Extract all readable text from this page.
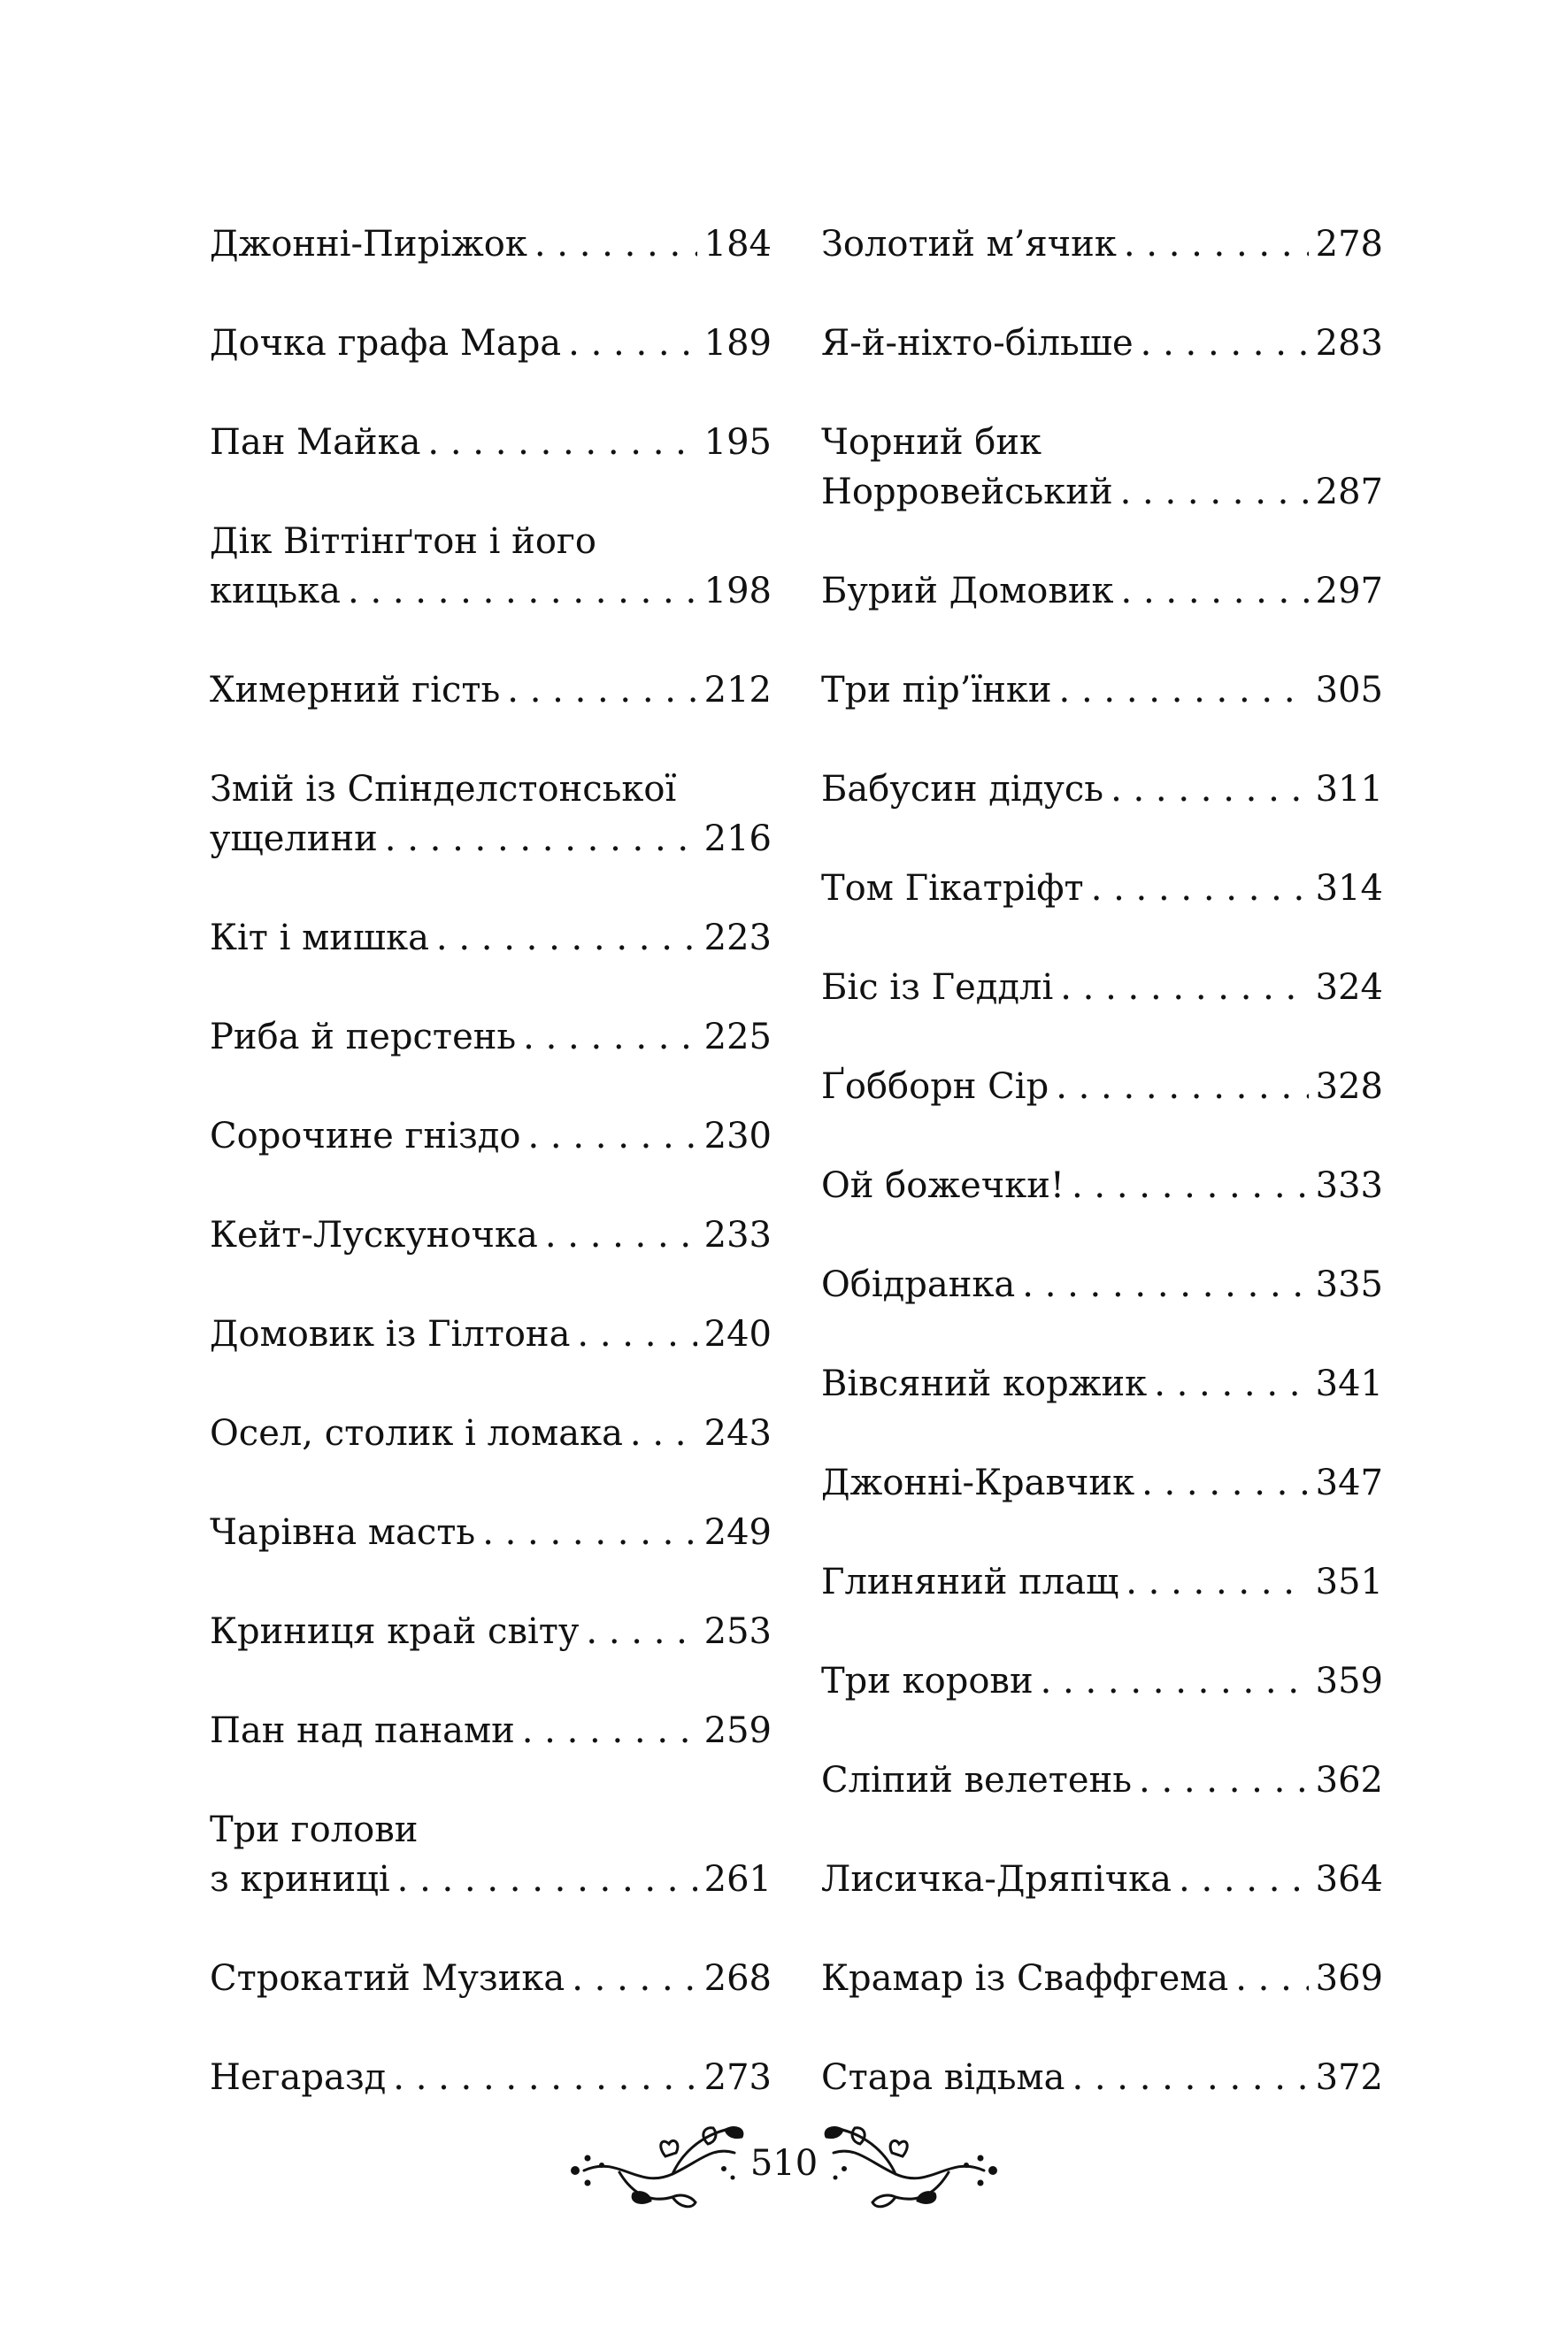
Джонні-Пиріжок . . .	184
Дочка графа Мара . . .	189
Пан Майка . . .	195
Дік Віттінґтон і його
кицька . . .	198
Химерний гість . . .	212
Змій із Спінделстонської
ущелини . . .	216
Кіт і мишка . . .	223
Риба й перстень . . .	225
Сорочине гніздо . . .	230
Кейт-Лускуночка . . .	233
Домовик із Гілтона . . .	240
Осел, столик і ломака . . . 243
Чарівна масть . . .	249
Криниця край світу . . .	253
Пан над панами . . .	259
Три голови
з криниці . . .	261
Строкатий Музика . . .	268
Негаразд . . .	273
Золотий м’ячик . . .	278
Я-й-ніхто-більше . . .	283
Чорний бик
Норровейський . . .	287
Бурий Домовик . . .	297
Три пір’їнки . . .	305
Бабусин дідусь . . .	311
Том Гікатріфт . . .	314
Біс із Геддлі . . .	324
Ґобборн Сір . . .	328
Ой божечки! . . .	333
Обідранка . . .	335
Вівсяний коржик . . .	341
Джонні-Кравчик . . .	347
Глиняний плащ . . .	351
Три корови . . .	359
Сліпий велетень . . .	362
Лисичка-Дряпічка . . .	364
Крамар із Сваффгема . . . 369
Стара відьма . . .	372
510
